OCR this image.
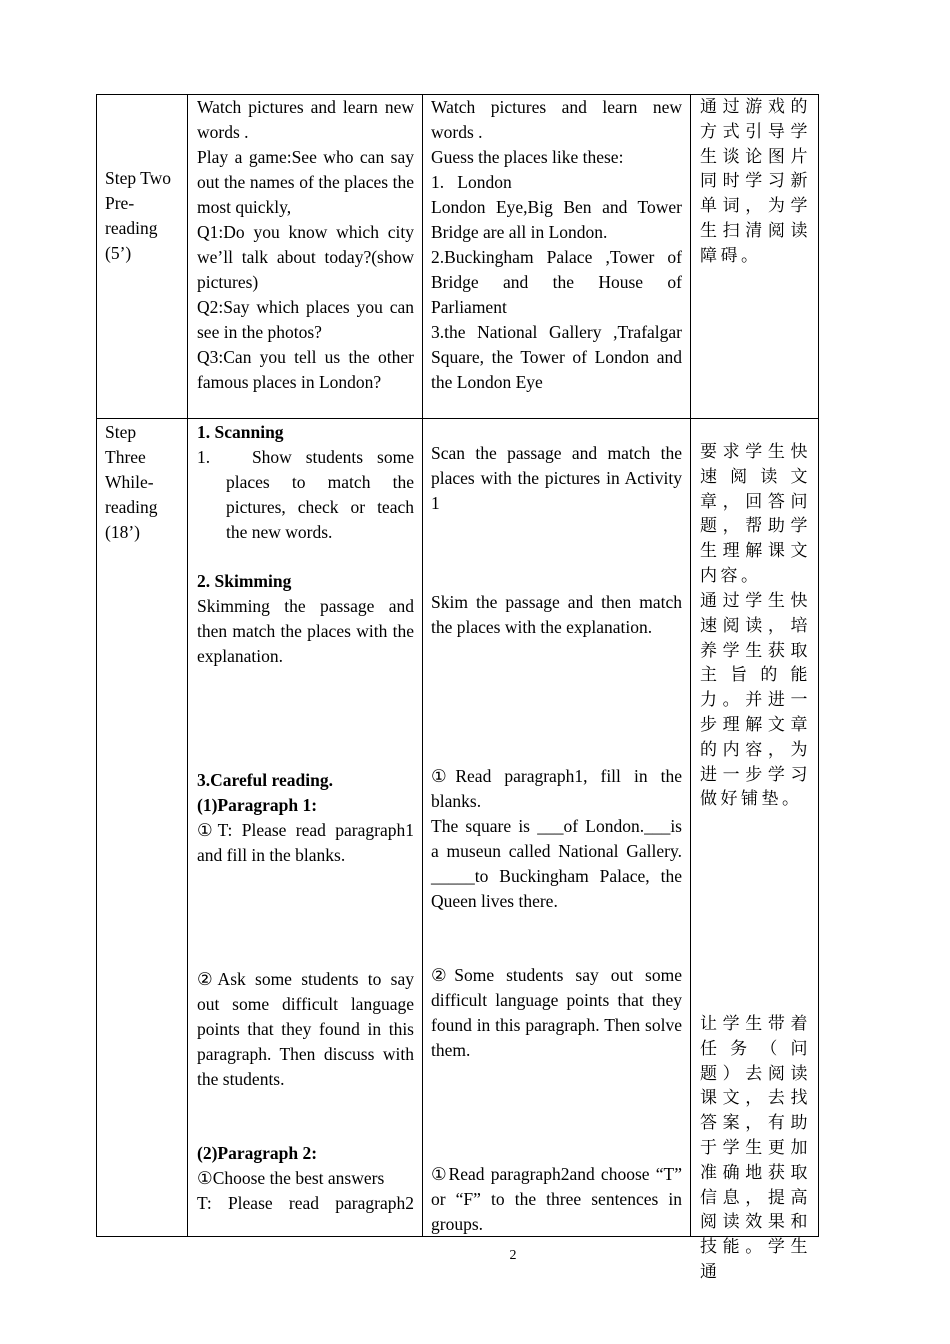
Step Two
Pre-
reading
(5’)

Watch pictures and learn new words .

Play a game:See who can say out the names of the places the most quickly,

Q1:Do you know which city we’ll talk about today?(show pictures)

Q2:Say which places you can see in the photos?

Q3:Can you tell us the other famous places in London?

Watch pictures and learn new words .

Guess the places like these:

1.   London

London Eye,Big Ben and Tower Bridge are all in London.

2.Buckingham Palace ,Tower of Bridge and the House of Parliament

3.the National Gallery ,Trafalgar Square, the Tower of London and the London Eye

通过游戏的方式引导学生谈论图片同时学习新单词，为学生扫清阅读障碍。

Step
Three
While-
reading
(18’)
1. Scanning
1.   Show students some places to match the pictures, check or teach the new words.
2. Skimming
Skimming the passage and then match the places with the explanation.
3.Careful reading.
(1)Paragraph 1:
①T: Please read paragraph1 and fill in the blanks.
②Ask some students to say out some difficult language points that they found in this paragraph. Then discuss with the students.
(2)Paragraph 2:
①Choose the best answers
T: Please read paragraph2
Scan the passage and match the places with the pictures in Activity 1
Skim the passage and then match the places with the explanation.

①Read paragraph1, fill in the blanks.

The square is ___of London.___is a museun called National Gallery. _____to Buckingham Palace, the Queen lives there.

②Some students say out some difficult language points that they found in this paragraph. Then solve them.
①Read paragraph2and choose “T” or “F” to the three sentences in groups.
要求学生快速阅读文章，回答问题，帮助学生理解课文内容。
通过学生快速阅读，培养学生获取主旨的能力。并进一步理解文章的内容，为进一步学习做好铺垫。
让学生带着任务（问题）去阅读课文，去找答案，有助于学生更加准确地获取信息，提高阅读效果和技能。学生通
2
